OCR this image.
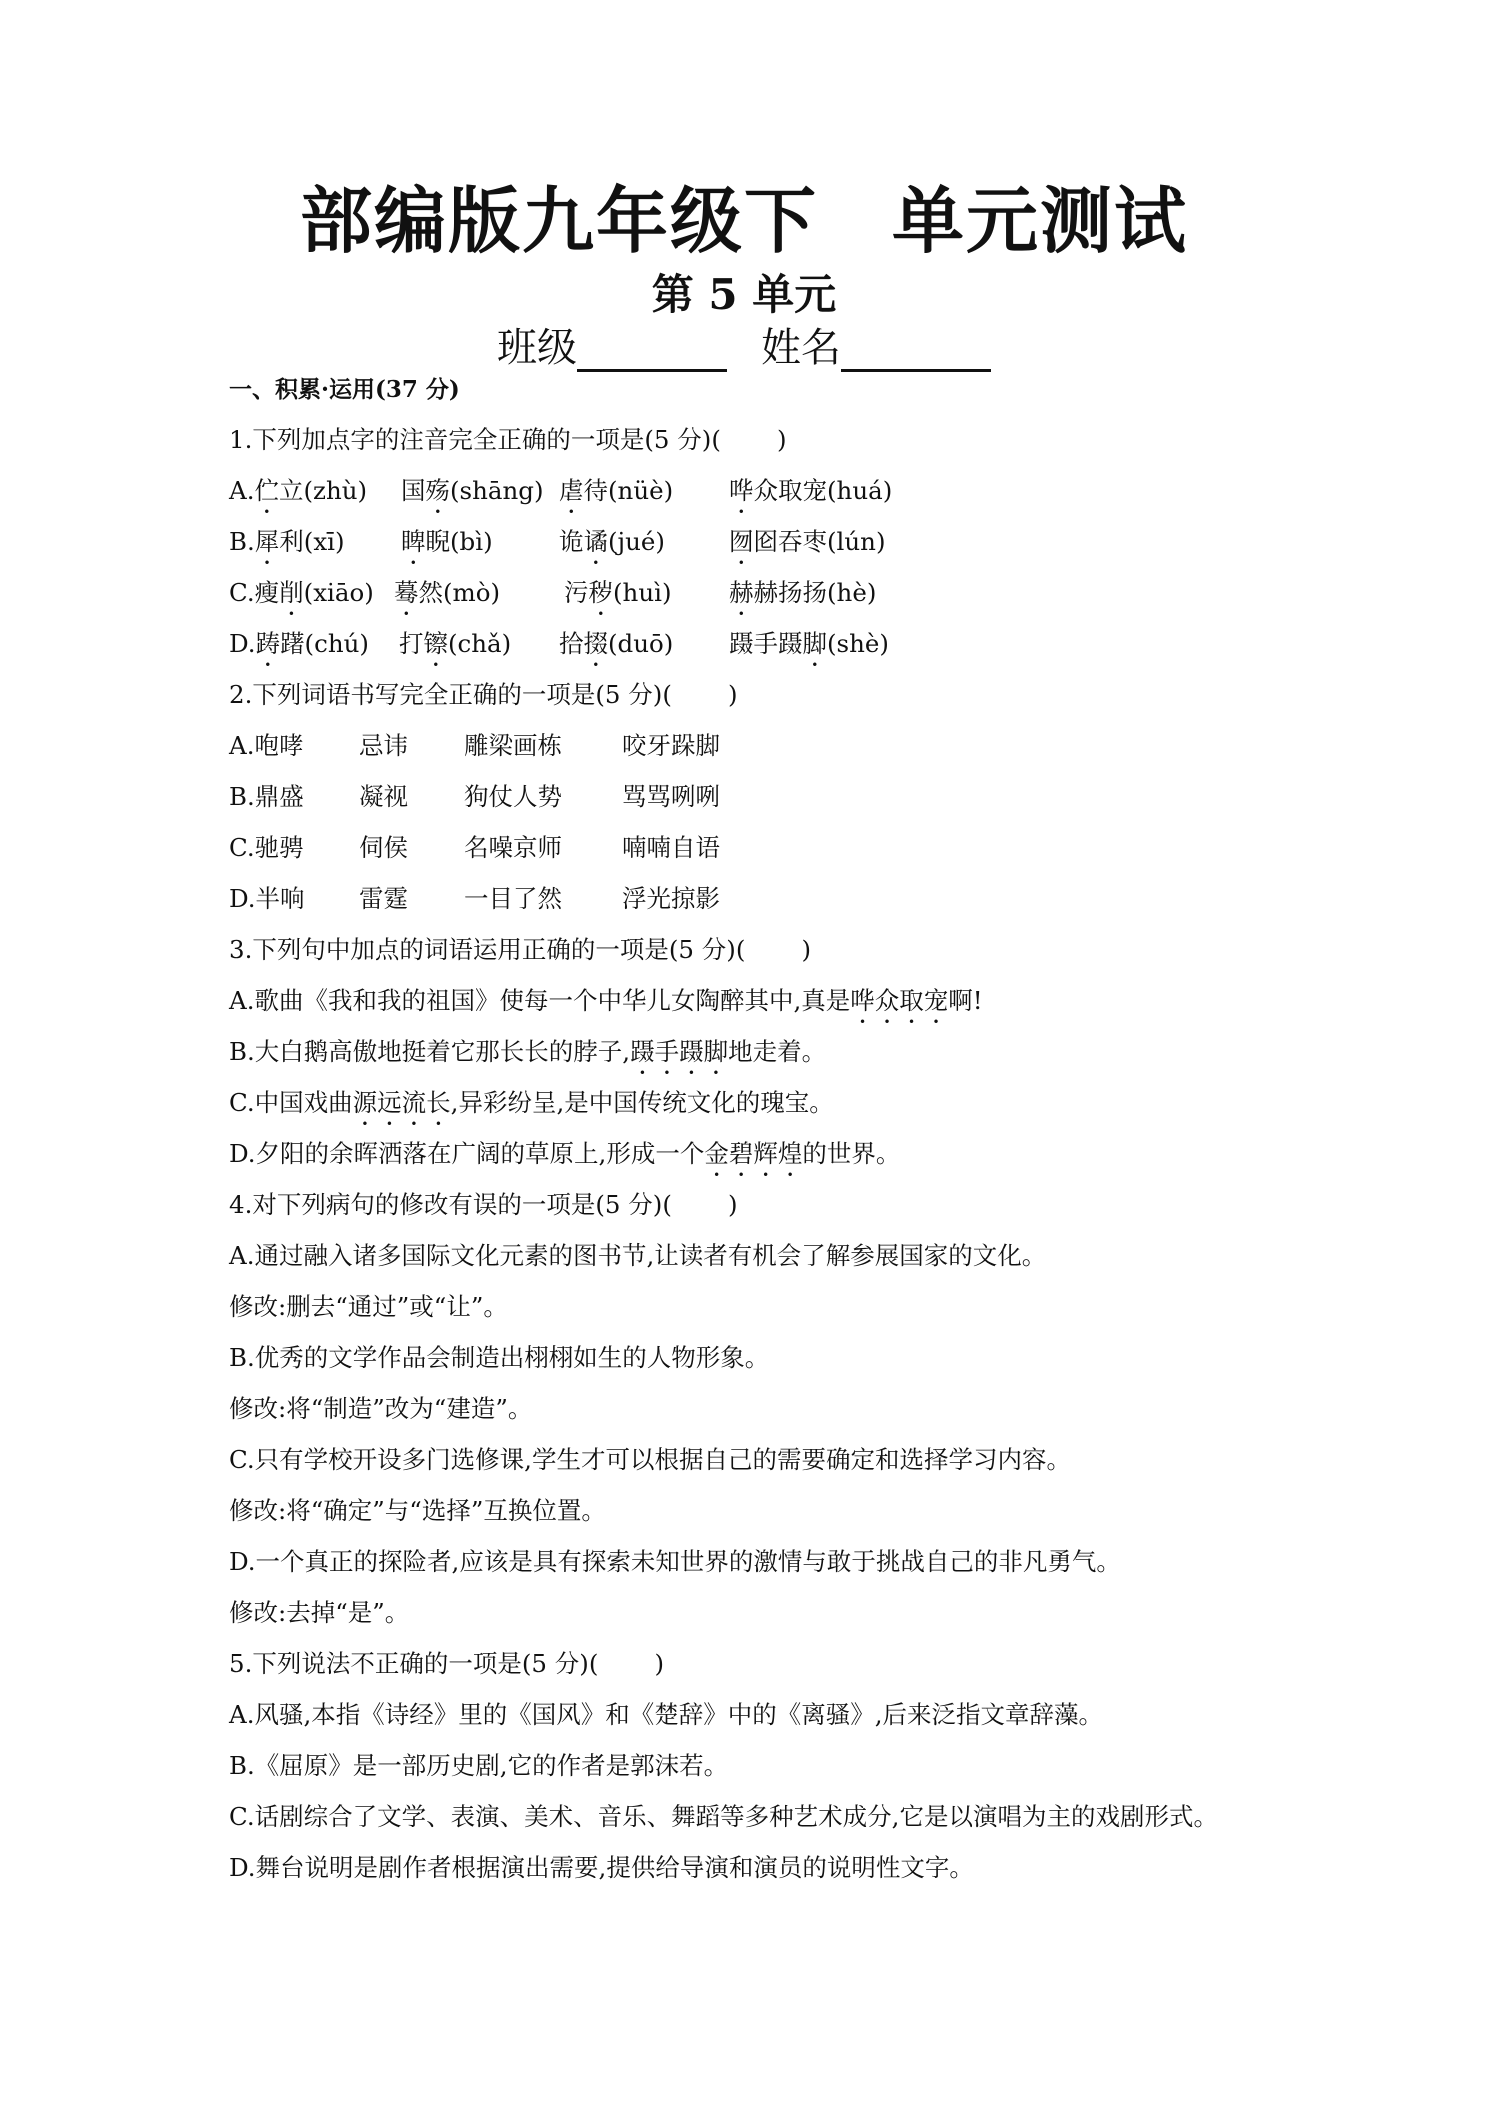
部编版九年级下　单元测试
第 5 单元
班级	姓名
一、积累·运用(37 分)
1.下列加点字的注音完全正确的一项是(5 分)( )
A.伫立(zhù) 国殇(shāng) 虐待(nüè) 哗众取宠(huá)
B.犀利(xī) 睥睨(bì)	诡谲(jué)	囫囵吞枣(lún)
C.瘦削(xiāo) 蓦然(mò)	污秽(huì) 赫赫扬扬(hè)
D.踌躇(chú) 打镲(chǎ) 拾掇(duō) 蹑手蹑脚(shè)
2.下列词语书写完全正确的一项是(5 分)( )
A.咆哮 忌讳 雕梁画栋 咬牙跺脚
B.鼎盛 凝视 狗仗人势 骂骂咧咧
C.驰骋 伺侯 名噪京师 喃喃自语
D.半响 雷霆 一目了然 浮光掠影
3.下列句中加点的词语运用正确的一项是(5 分)( )
A.歌曲《我和我的祖国》使每一个中华儿女陶醉其中,真是哗众取宠啊!
B.大白鹅高傲地挺着它那长长的脖子,蹑手蹑脚地走着。
C.中国戏曲源远流长,异彩纷呈,是中国传统文化的瑰宝。
D.夕阳的余晖洒落在广阔的草原上,形成一个金碧辉煌的世界。
4.对下列病句的修改有误的一项是(5 分)( )
A.通过融入诸多国际文化元素的图书节,让读者有机会了解参展国家的文化。
修改:删去“通过”或“让”。
B.优秀的文学作品会制造出栩栩如生的人物形象。
修改:将“制造”改为“建造”。
C.只有学校开设多门选修课,学生才可以根据自己的需要确定和选择学习内容。
修改:将“确定”与“选择”互换位置。
D.一个真正的探险者,应该是具有探索未知世界的激情与敢于挑战自己的非凡勇气。
修改:去掉“是”。
5.下列说法不正确的一项是(5 分)( )
A.风骚,本指《诗经》里的《国风》和《楚辞》中的《离骚》,后来泛指文章辞藻。
B.《屈原》是一部历史剧,它的作者是郭沫若。
C.话剧综合了文学、表演、美术、音乐、舞蹈等多种艺术成分,它是以演唱为主的戏剧形式。
D.舞台说明是剧作者根据演出需要,提供给导演和演员的说明性文字。
